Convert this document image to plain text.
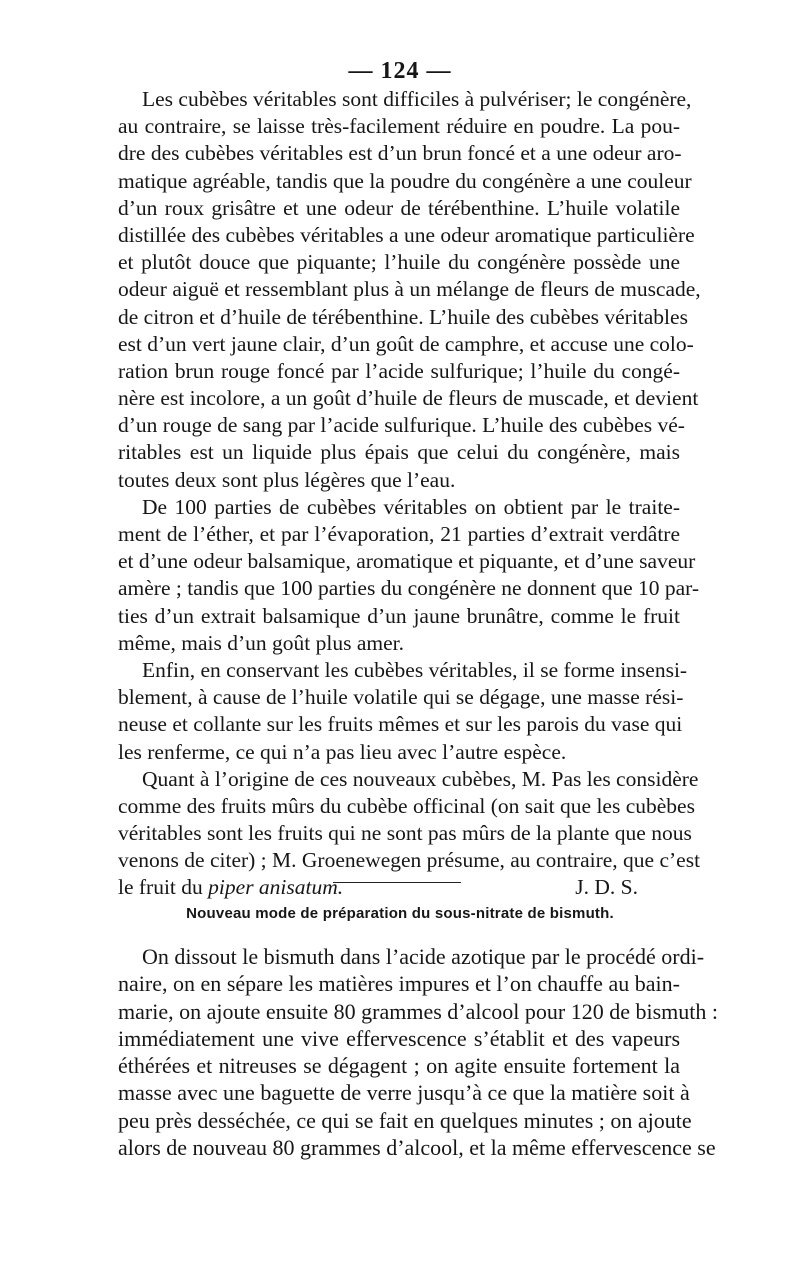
— 124 —
Les cubèbes véritables sont difficiles à pulvériser; le congénère,
au contraire, se laisse très-facilement réduire en poudre. La pou-
dre des cubèbes véritables est d’un brun foncé et a une odeur aro-
matique agréable, tandis que la poudre du congénère a une couleur
d’un roux grisâtre et une odeur de térébenthine. L’huile volatile
distillée des cubèbes véritables a une odeur aromatique particulière
et plutôt douce que piquante; l’huile du congénère possède une
odeur aiguë et ressemblant plus à un mélange de fleurs de muscade,
de citron et d’huile de térébenthine. L’huile des cubèbes véritables
est d’un vert jaune clair, d’un goût de camphre, et accuse une colo-
ration brun rouge foncé par l’acide sulfurique; l’huile du congé-
nère est incolore, a un goût d’huile de fleurs de muscade, et devient
d’un rouge de sang par l’acide sulfurique. L’huile des cubèbes vé-
ritables est un liquide plus épais que celui du congénère, mais
toutes deux sont plus légères que l’eau.
De 100 parties de cubèbes véritables on obtient par le traite-
ment de l’éther, et par l’évaporation, 21 parties d’extrait verdâtre
et d’une odeur balsamique, aromatique et piquante, et d’une saveur
amère ; tandis que 100 parties du congénère ne donnent que 10 par-
ties d’un extrait balsamique d’un jaune brunâtre, comme le fruit
même, mais d’un goût plus amer.
Enfin, en conservant les cubèbes véritables, il se forme insensi-
blement, à cause de l’huile volatile qui se dégage, une masse rési-
neuse et collante sur les fruits mêmes et sur les parois du vase qui
les renferme, ce qui n’a pas lieu avec l’autre espèce.
Quant à l’origine de ces nouveaux cubèbes, M. Pas les considère
comme des fruits mûrs du cubèbe officinal (on sait que les cubèbes
véritables sont les fruits qui ne sont pas mûrs de la plante que nous
venons de citer) ; M. Groenewegen présume, au contraire, que c’est
le fruit du piper anisatum.	J. D. S.
Nouveau mode de préparation du sous-nitrate de bismuth.
On dissout le bismuth dans l’acide azotique par le procédé ordi-
naire, on en sépare les matières impures et l’on chauffe au bain-
marie, on ajoute ensuite 80 grammes d’alcool pour 120 de bismuth :
immédiatement une vive effervescence s’établit et des vapeurs
éthérées et nitreuses se dégagent ; on agite ensuite fortement la
masse avec une baguette de verre jusqu’à ce que la matière soit à
peu près desséchée, ce qui se fait en quelques minutes ; on ajoute
alors de nouveau 80 grammes d’alcool, et la même effervescence se
